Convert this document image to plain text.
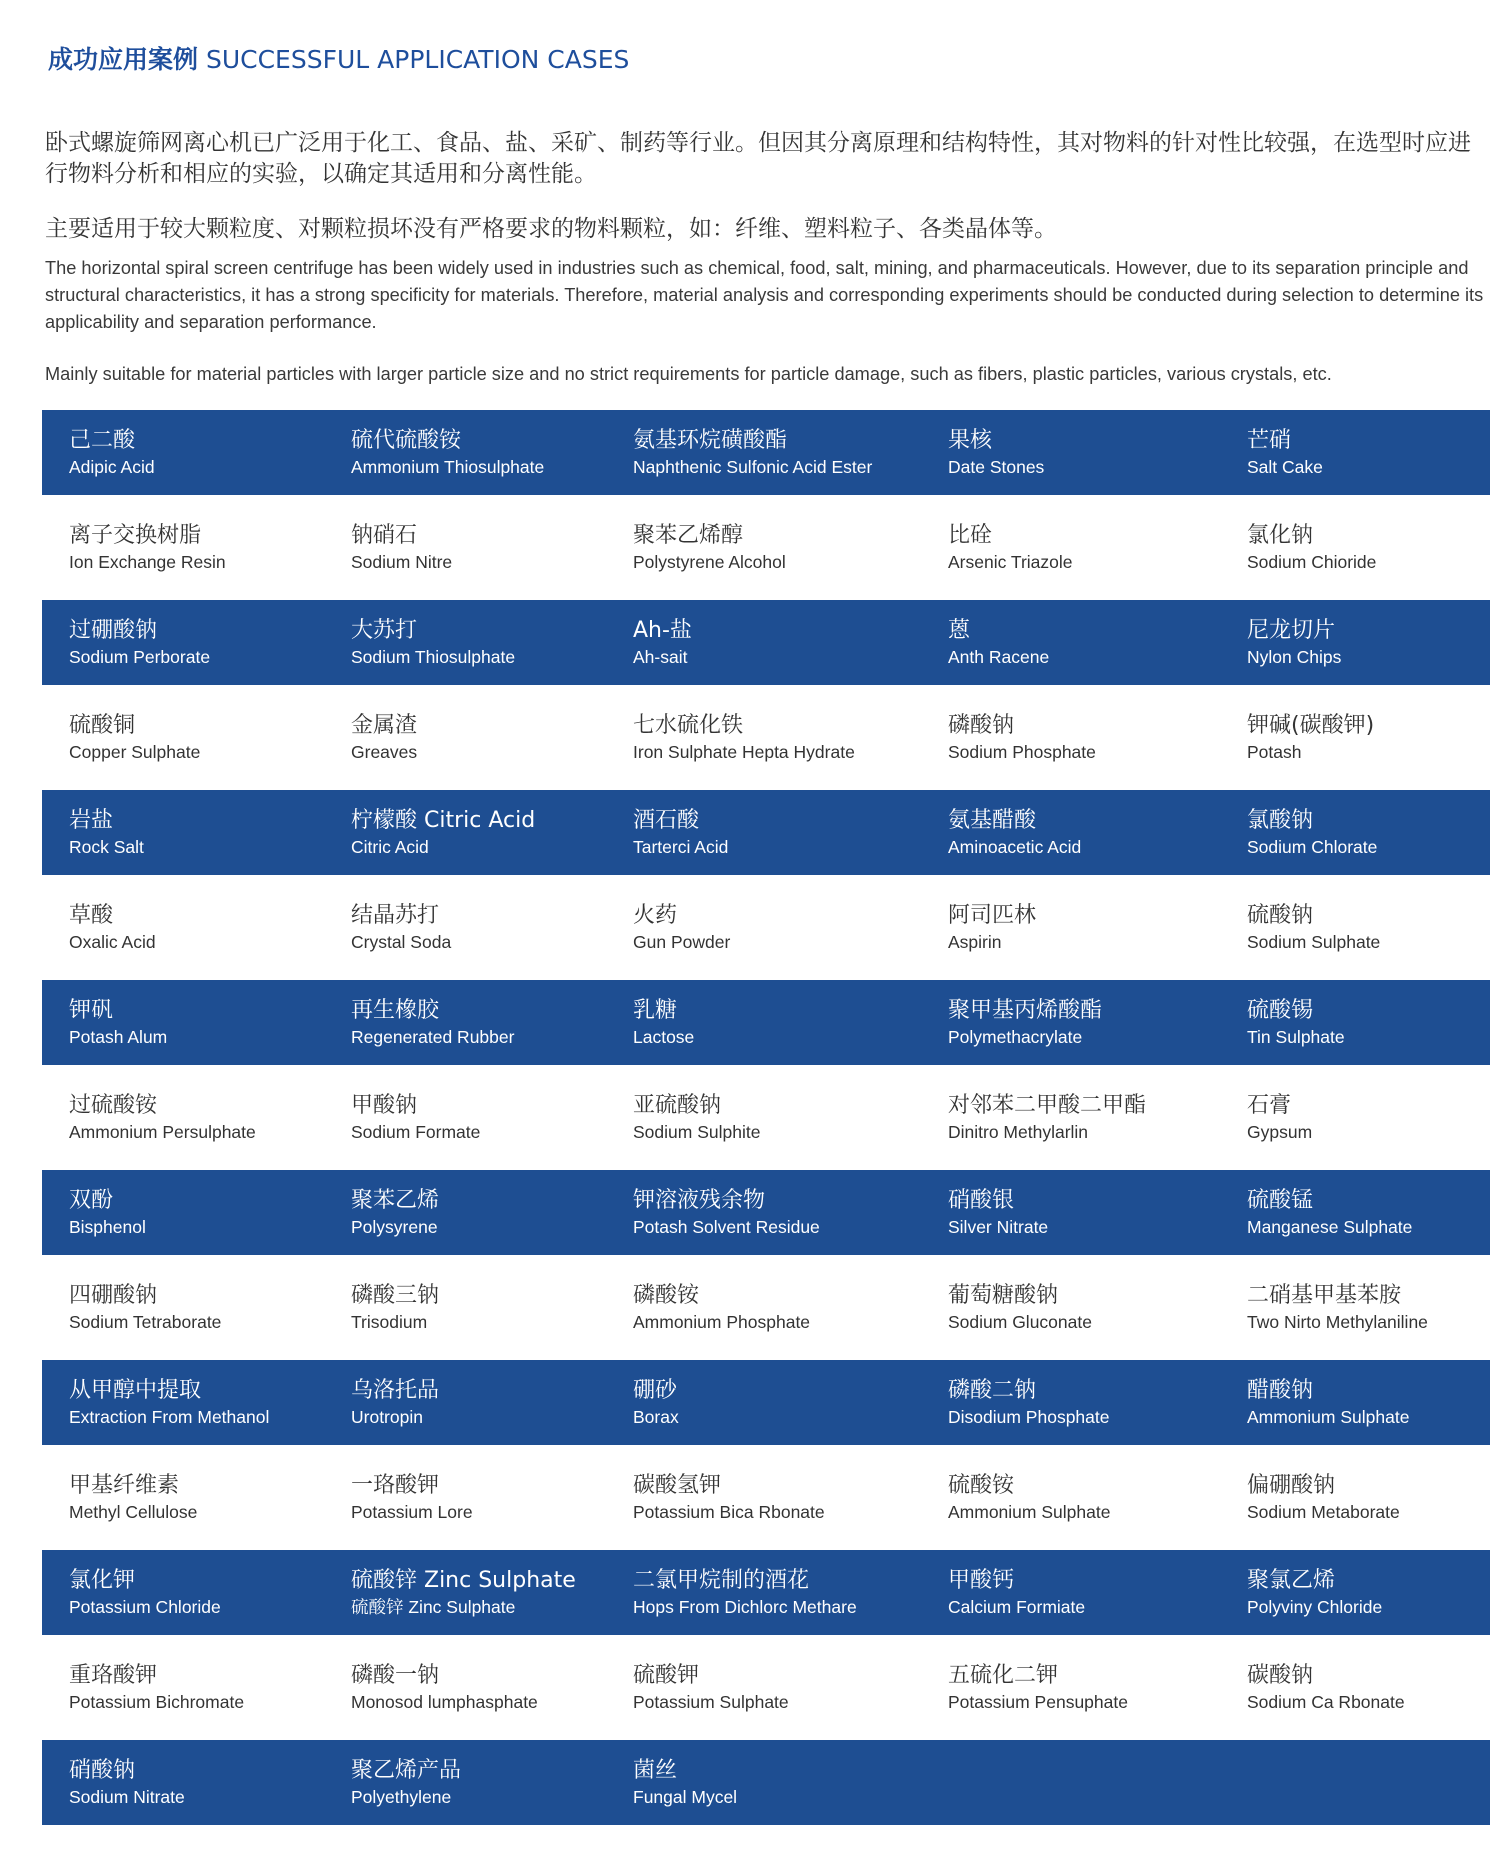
成功应用案例 SUCCESSFUL APPLICATION CASES
卧式螺旋筛网离心机已广泛用于化工、食品、盐、采矿、制药等行业。但因其分离原理和结构特性，其对物料的针对性比较强，在选型时应进行物料分析和相应的实验，以确定其适用和分离性能。
主要适用于较大颗粒度、对颗粒损坏没有严格要求的物料颗粒，如：纤维、塑料粒子、各类晶体等。
The horizontal spiral screen centrifuge has been widely used in industries such as chemical, food, salt, mining, and pharmaceuticals. However, due to its separation principle and structural characteristics, it has a strong specificity for materials. Therefore, material analysis and corresponding experiments should be conducted during selection to determine its applicability and separation performance.
Mainly suitable for material particles with larger particle size and no strict requirements for particle damage, such as fibers, plastic particles, various crystals, etc.
己二酸
Adipic Acid
硫代硫酸铵
Ammonium Thiosulphate
氨基环烷磺酸酯
Naphthenic Sulfonic Acid Ester
果核
Date Stones
芒硝
Salt Cake
离子交换树脂
Ion Exchange Resin
钠硝石
Sodium Nitre
聚苯乙烯醇
Polystyrene Alcohol
比硂
Arsenic Triazole
氯化钠
Sodium Chioride
过硼酸钠
Sodium Perborate
大苏打
Sodium Thiosulphate
Ah-盐
Ah-sait
蒽
Anth Racene
尼龙切片
Nylon Chips
硫酸铜
Copper Sulphate
金属渣
Greaves
七水硫化铁
Iron Sulphate Hepta Hydrate
磷酸钠
Sodium Phosphate
钾碱(碳酸钾)
Potash
岩盐
Rock Salt
柠檬酸 Citric Acid
Citric Acid
酒石酸
Tarterci Acid
氨基醋酸
Aminoacetic Acid
氯酸钠
Sodium Chlorate
草酸
Oxalic Acid
结晶苏打
Crystal Soda
火药
Gun Powder
阿司匹林
Aspirin
硫酸钠
Sodium Sulphate
钾矾
Potash Alum
再生橡胶
Regenerated Rubber
乳糖
Lactose
聚甲基丙烯酸酯
Polymethacrylate
硫酸锡
Tin Sulphate
过硫酸铵
Ammonium Persulphate
甲酸钠
Sodium Formate
亚硫酸钠
Sodium Sulphite
对邻苯二甲酸二甲酯
Dinitro Methylarlin
石膏
Gypsum
双酚
Bisphenol
聚苯乙烯
Polysyrene
钾溶液残余物
Potash Solvent Residue
硝酸银
Silver Nitrate
硫酸锰
Manganese Sulphate
四硼酸钠
Sodium Tetraborate
磷酸三钠
Trisodium
磷酸铵
Ammonium Phosphate
葡萄糖酸钠
Sodium Gluconate
二硝基甲基苯胺
Two Nirto Methylaniline
从甲醇中提取
Extraction From Methanol
乌洛托品
Urotropin
硼砂
Borax
磷酸二钠
Disodium Phosphate
醋酸钠
Ammonium Sulphate
甲基纤维素
Methyl Cellulose
一珞酸钾
Potassium Lore
碳酸氢钾
Potassium Bica Rbonate
硫酸铵
Ammonium Sulphate
偏硼酸钠
Sodium Metaborate
氯化钾
Potassium Chloride
硫酸锌 Zinc Sulphate
硫酸锌 Zinc Sulphate
二氯甲烷制的酒花
Hops From Dichlorc Methare
甲酸钙
Calcium Formiate
聚氯乙烯
Polyviny Chloride
重珞酸钾
Potassium Bichromate
磷酸一钠
Monosod lumphasphate
硫酸钾
Potassium Sulphate
五硫化二钾
Potassium Pensuphate
碳酸钠
Sodium Ca Rbonate
硝酸钠
Sodium Nitrate
聚乙烯产品
Polyethylene
菌丝
Fungal Mycel
